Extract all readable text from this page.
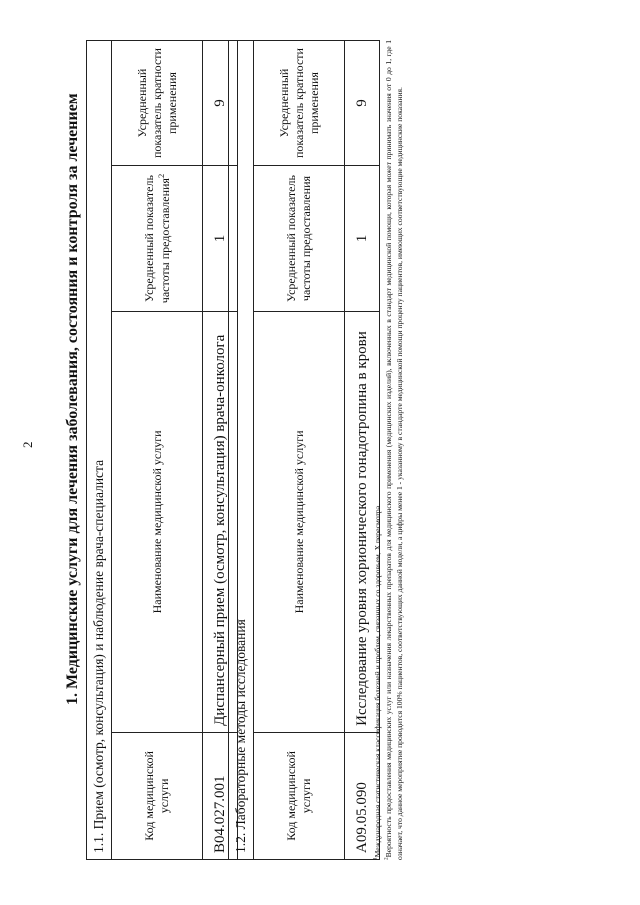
2 1. Медицинские услуги для лечения заболевания, состояния и контроля за лечением 1.1. Прием (осмотр, консультация) и наблюдение врача-специалиста			
Код медицинской услуги	Наименование медицинской услуги	Усредненный показатель частоты предоставления$^2$	Усредненный показатель кратности применения
B04.027.001	Диспансерный прием (осмотр, консультация) врача-онколога	1	9
1.2. Лабораторные методы исследования			
Код медицинской услуги	Наименование медицинской услуги	Усредненный показатель частоты предоставления	Усредненный показатель кратности применения
A09.05.090	Исследование уровня хорионического гонадотропина в крови	1	9

$^1$Международная статистическая классификация болезней и проблем, связанных со здоровьем, X пересмотра.

$^2$Вероятность предоставления медицинских услуг или назначения лекарственных препаратов для медицинского применения (медицинских изделий), включенных в стандарт медицинской помощи, которая может принимать значения от 0 до 1, где 1 означает, что данное мероприятие проводится 100% пациентов, соответствующих данной модели, а цифры менее 1 - указанному в стандарте медицинской помощи проценту пациентов, имеющих соответствующие медицинские показания.
